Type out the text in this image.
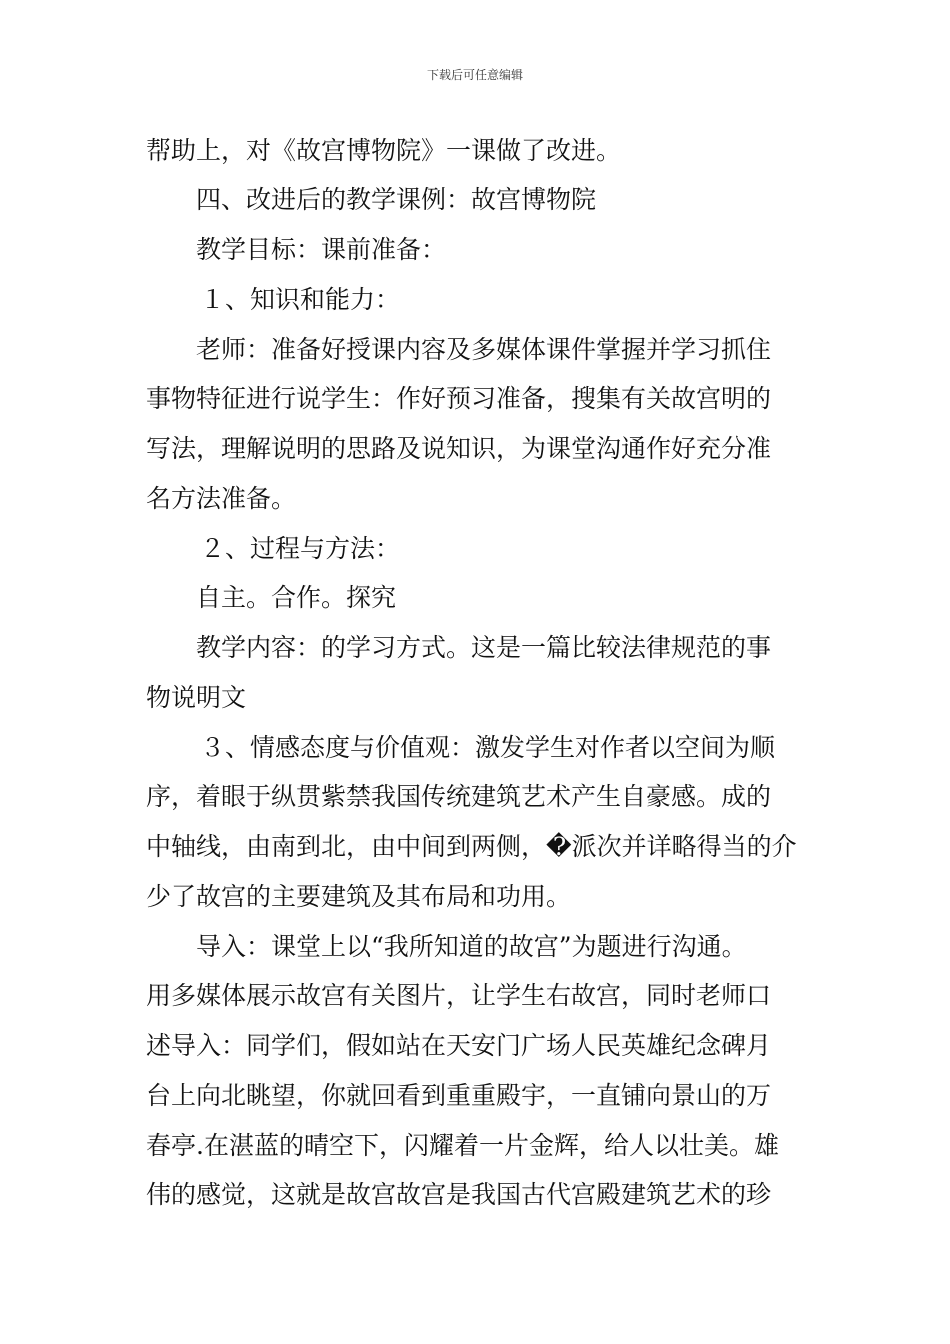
下载后可任意编辑
帮助上，对《故宫博物院》一课做了改进。
四、改进后的教学课例：故宫博物院
教学目标：课前准备：
１、知识和能力：
老师：准备好授课内容及多媒体课件掌握并学习抓住
事物特征进行说学生：作好预习准备，搜集有关故宫明的
写法，理解说明的思路及说知识，为课堂沟通作好充分准
名方法准备。
２、过程与方法：
自主。合作。探究
教学内容：的学习方式。这是一篇比较法律规范的事
物说明文
３、情感态度与价值观：激发学生对作者以空间为顺
序，着眼于纵贯紫禁我国传统建筑艺术产生自豪感。成的
中轴线，由南到北，由中间到两侧，�派次并详略得当的介
少了故宫的主要建筑及其布局和功用。
导入：课堂上以“我所知道的故宫”为题进行沟通。
用多媒体展示故宫有关图片，让学生右故宫，同时老师口
述导入：同学们，假如站在天安门广场人民英雄纪念碑月
台上向北眺望，你就回看到重重殿宇，一直铺向景山的万
春亭.在湛蓝的晴空下，闪耀着一片金辉，给人以壮美。雄
伟的感觉，这就是故宫故宫是我国古代宫殿建筑艺术的珍
